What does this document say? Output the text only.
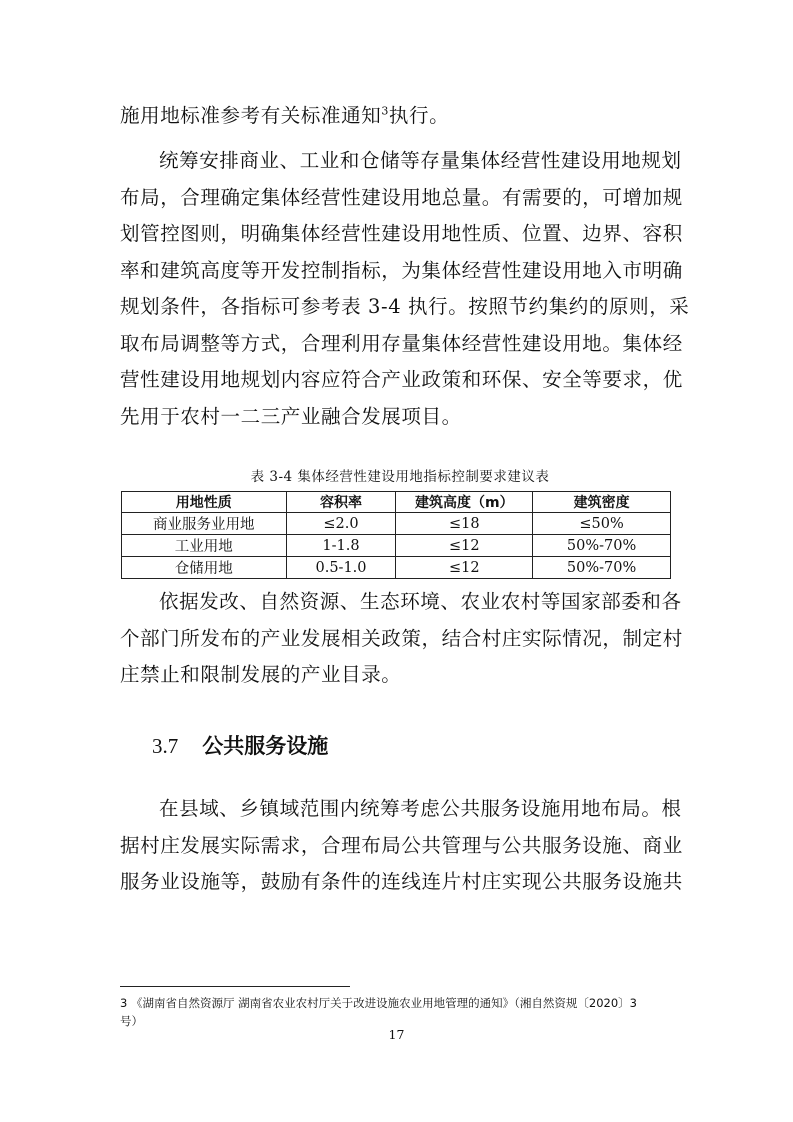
施用地标准参考有关标准通知$^3$执行。

统筹安排商业、工业和仓储等存量集体经营性建设用地规划
布局，合理确定集体经营性建设用地总量。有需要的，可增加规
划管控图则，明确集体经营性建设用地性质、位置、边界、容积
率和建筑高度等开发控制指标，为集体经营性建设用地入市明确
规划条件，各指标可参考表 3-4 执行。按照节约集约的原则，采
取布局调整等方式，合理利用存量集体经营性建设用地。集体经
营性建设用地规划内容应符合产业政策和环保、安全等要求，优
先用于农村一二三产业融合发展项目。

表 3-4 集体经营性建设用地指标控制要求建议表
用地性质	容积率	建筑高度（m）	建筑密度
商业服务业用地	≤2.0	≤18	≤50%
工业用地	1-1.8	≤12	50%-70%
仓储用地	0.5-1.0	≤12	50%-70%

依据发改、自然资源、生态环境、农业农村等国家部委和各
个部门所发布的产业发展相关政策，结合村庄实际情况，制定村
庄禁止和限制发展的产业目录。

3.7 公共服务设施

在县域、乡镇域范围内统筹考虑公共服务设施用地布局。根
据村庄发展实际需求，合理布局公共管理与公共服务设施、商业
服务业设施等，鼓励有条件的连线连片村庄实现公共服务设施共

3 《湖南省自然资源厅 湖南省农业农村厅关于改进设施农业用地管理的通知》（湘自然资规〔2020〕3
号）
17
